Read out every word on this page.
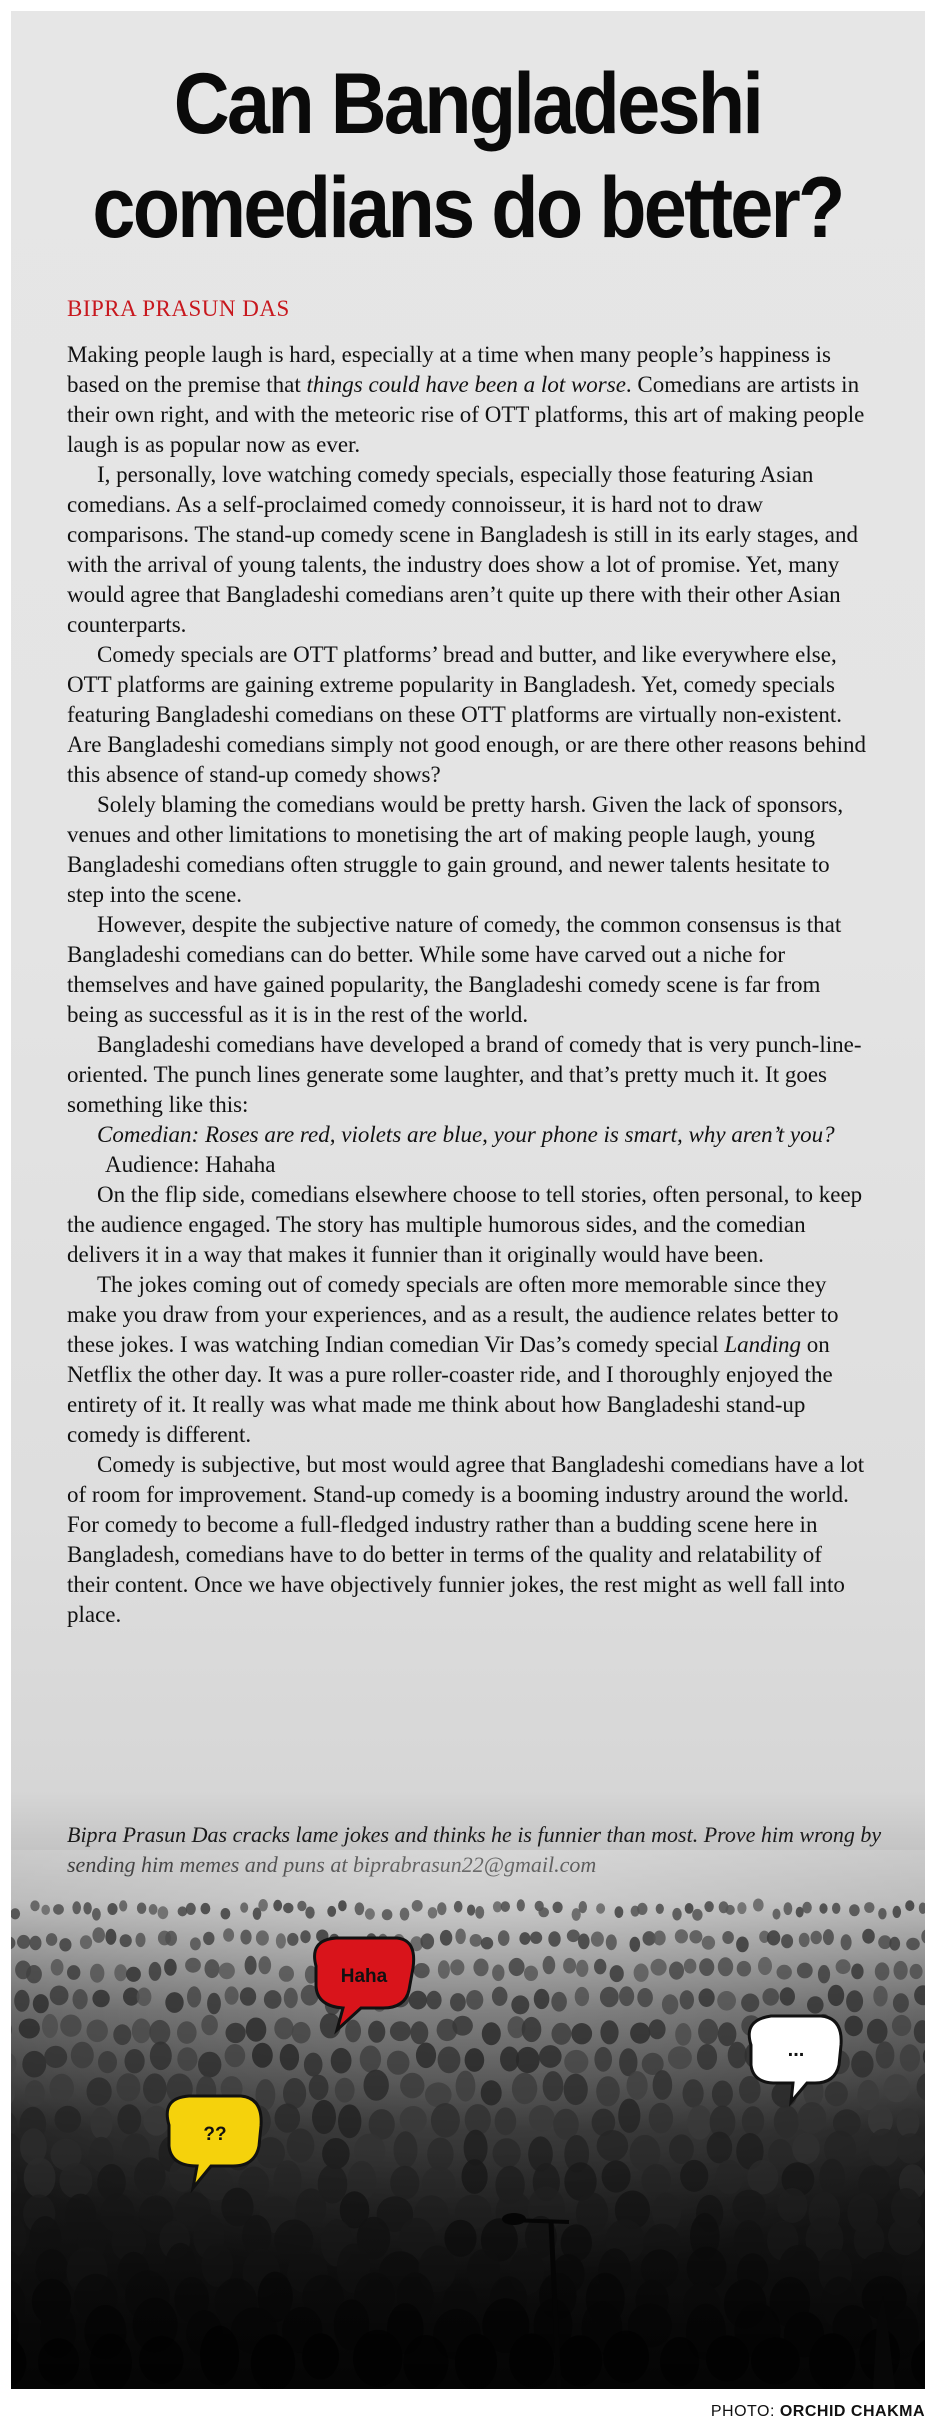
Can Bangladeshi
comedians do better?
BIPRA PRASUN DAS

Making people laugh is hard, especially at a time when many people’s happiness is based on the premise that things could have been a lot worse. Comedians are artists in their own right, and with the meteoric rise of OTT platforms, this art of making people laugh is as popular now as ever.

I, personally, love watching comedy specials, especially those featuring Asian comedians. As a self-proclaimed comedy connoisseur, it is hard not to draw comparisons. The stand-up comedy scene in Bangladesh is still in its early stages, and with the arrival of young talents, the industry does show a lot of promise. Yet, many would agree that Bangladeshi comedians aren’t quite up there with their other Asian counterparts.

Comedy specials are OTT platforms’ bread and butter, and like everywhere else, OTT platforms are gaining extreme popularity in Bangladesh. Yet, comedy specials featuring Bangladeshi comedians on these OTT platforms are virtually non-existent. Are Bangladeshi comedians simply not good enough, or are there other reasons behind this absence of stand-up comedy shows?

Solely blaming the comedians would be pretty harsh. Given the lack of sponsors, venues and other limitations to monetising the art of making people laugh, young Bangladeshi comedians often struggle to gain ground, and newer talents hesitate to step into the scene.

However, despite the subjective nature of comedy, the common consensus is that Bangladeshi comedians can do better. While some have carved out a niche for themselves and have gained popularity, the Bangladeshi comedy scene is far from being as successful as it is in the rest of the world.

Bangladeshi comedians have developed a brand of comedy that is very punch-line-oriented. The punch lines generate some laughter, and that’s pretty much it. It goes something like this:

Comedian: Roses are red, violets are blue, your phone is smart, why aren’t you?

Audience: Hahaha

On the flip side, comedians elsewhere choose to tell stories, often personal, to keep the audience engaged. The story has multiple humorous sides, and the comedian delivers it in a way that makes it funnier than it originally would have been.

The jokes coming out of comedy specials are often more memorable since they make you draw from your experiences, and as a result, the audience relates better to these jokes. I was watching Indian comedian Vir Das’s comedy special Landing on Netflix the other day. It was a pure roller-coaster ride, and I thoroughly enjoyed the entirety of it. It really was what made me think about how Bangladeshi stand-up comedy is different.

Comedy is subjective, but most would agree that Bangladeshi comedians have a lot of room for improvement. Stand-up comedy is a booming industry around the world. For comedy to become a full-fledged industry rather than a budding scene here in Bangladesh, comedians have to do better in terms of the quality and relatability of their content. Once we have objectively funnier jokes, the rest might as well fall into place.

Bipra Prasun Das cracks lame jokes and thinks he is funnier than most. Prove him wrong by

Haha
...
??
PHOTO: ORCHID CHAKMA
